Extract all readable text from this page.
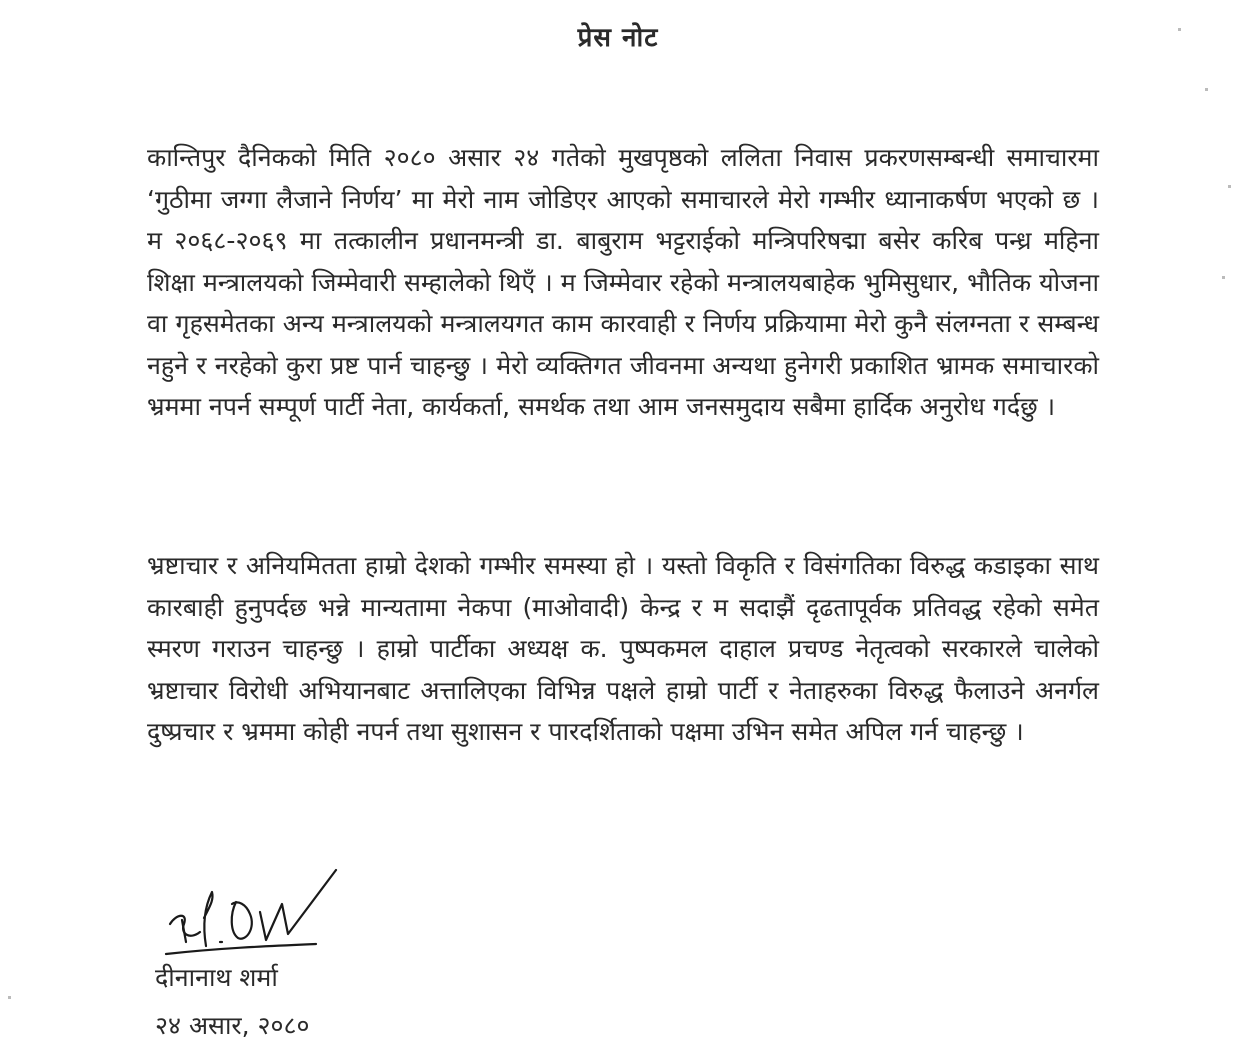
प्रेस नोट

कान्तिपुर दैनिकको मिति २०८० असार २४ गतेको मुखपृष्ठको ललिता निवास प्रकरणसम्बन्धी समाचारमा ‘गुठीमा जग्गा लैजाने निर्णय’ मा मेरो नाम जोडिएर आएको समाचारले मेरो गम्भीर ध्यानाकर्षण भएको छ । म २०६८-२०६९ मा तत्कालीन प्रधानमन्त्री डा. बाबुराम भट्टराईको मन्त्रिपरिषद्मा बसेर करिब पन्ध्र महिना शिक्षा मन्त्रालयको जिम्मेवारी सम्हालेको थिएँ । म जिम्मेवार रहेको मन्त्रालयबाहेक भुमिसुधार, भौतिक योजना वा गृहसमेतका अन्य मन्त्रालयको मन्त्रालयगत काम कारवाही र निर्णय प्रक्रियामा मेरो कुनै संलग्नता र सम्बन्ध नहुने र नरहेको कुरा प्रष्ट पार्न चाहन्छु । मेरो व्यक्तिगत जीवनमा अन्यथा हुनेगरी प्रकाशित भ्रामक समाचारको भ्रममा नपर्न सम्पूर्ण पार्टी नेता, कार्यकर्ता, समर्थक तथा आम जनसमुदाय सबैमा हार्दिक अनुरोध गर्दछु ।

भ्रष्टाचार र अनियमितता हाम्रो देशको गम्भीर समस्या हो । यस्तो विकृति र विसंगतिका विरुद्ध कडाइका साथ कारबाही हुनुपर्दछ भन्ने मान्यतामा नेकपा (माओवादी) केन्द्र र म सदाझैं दृढतापूर्वक प्रतिवद्ध रहेको समेत स्मरण गराउन चाहन्छु । हाम्रो पार्टीका अध्यक्ष क. पुष्पकमल दाहाल प्रचण्ड नेतृत्वको सरकारले चालेको भ्रष्टाचार विरोधी अभियानबाट अत्तालिएका विभिन्न पक्षले हाम्रो पार्टी र नेताहरुका विरुद्ध फैलाउने अनर्गल दुष्प्रचार र भ्रममा कोही नपर्न तथा सुशासन र पारदर्शिताको पक्षमा उभिन समेत अपिल गर्न चाहन्छु ।

दीनानाथ शर्मा
२४ असार, २०८०
